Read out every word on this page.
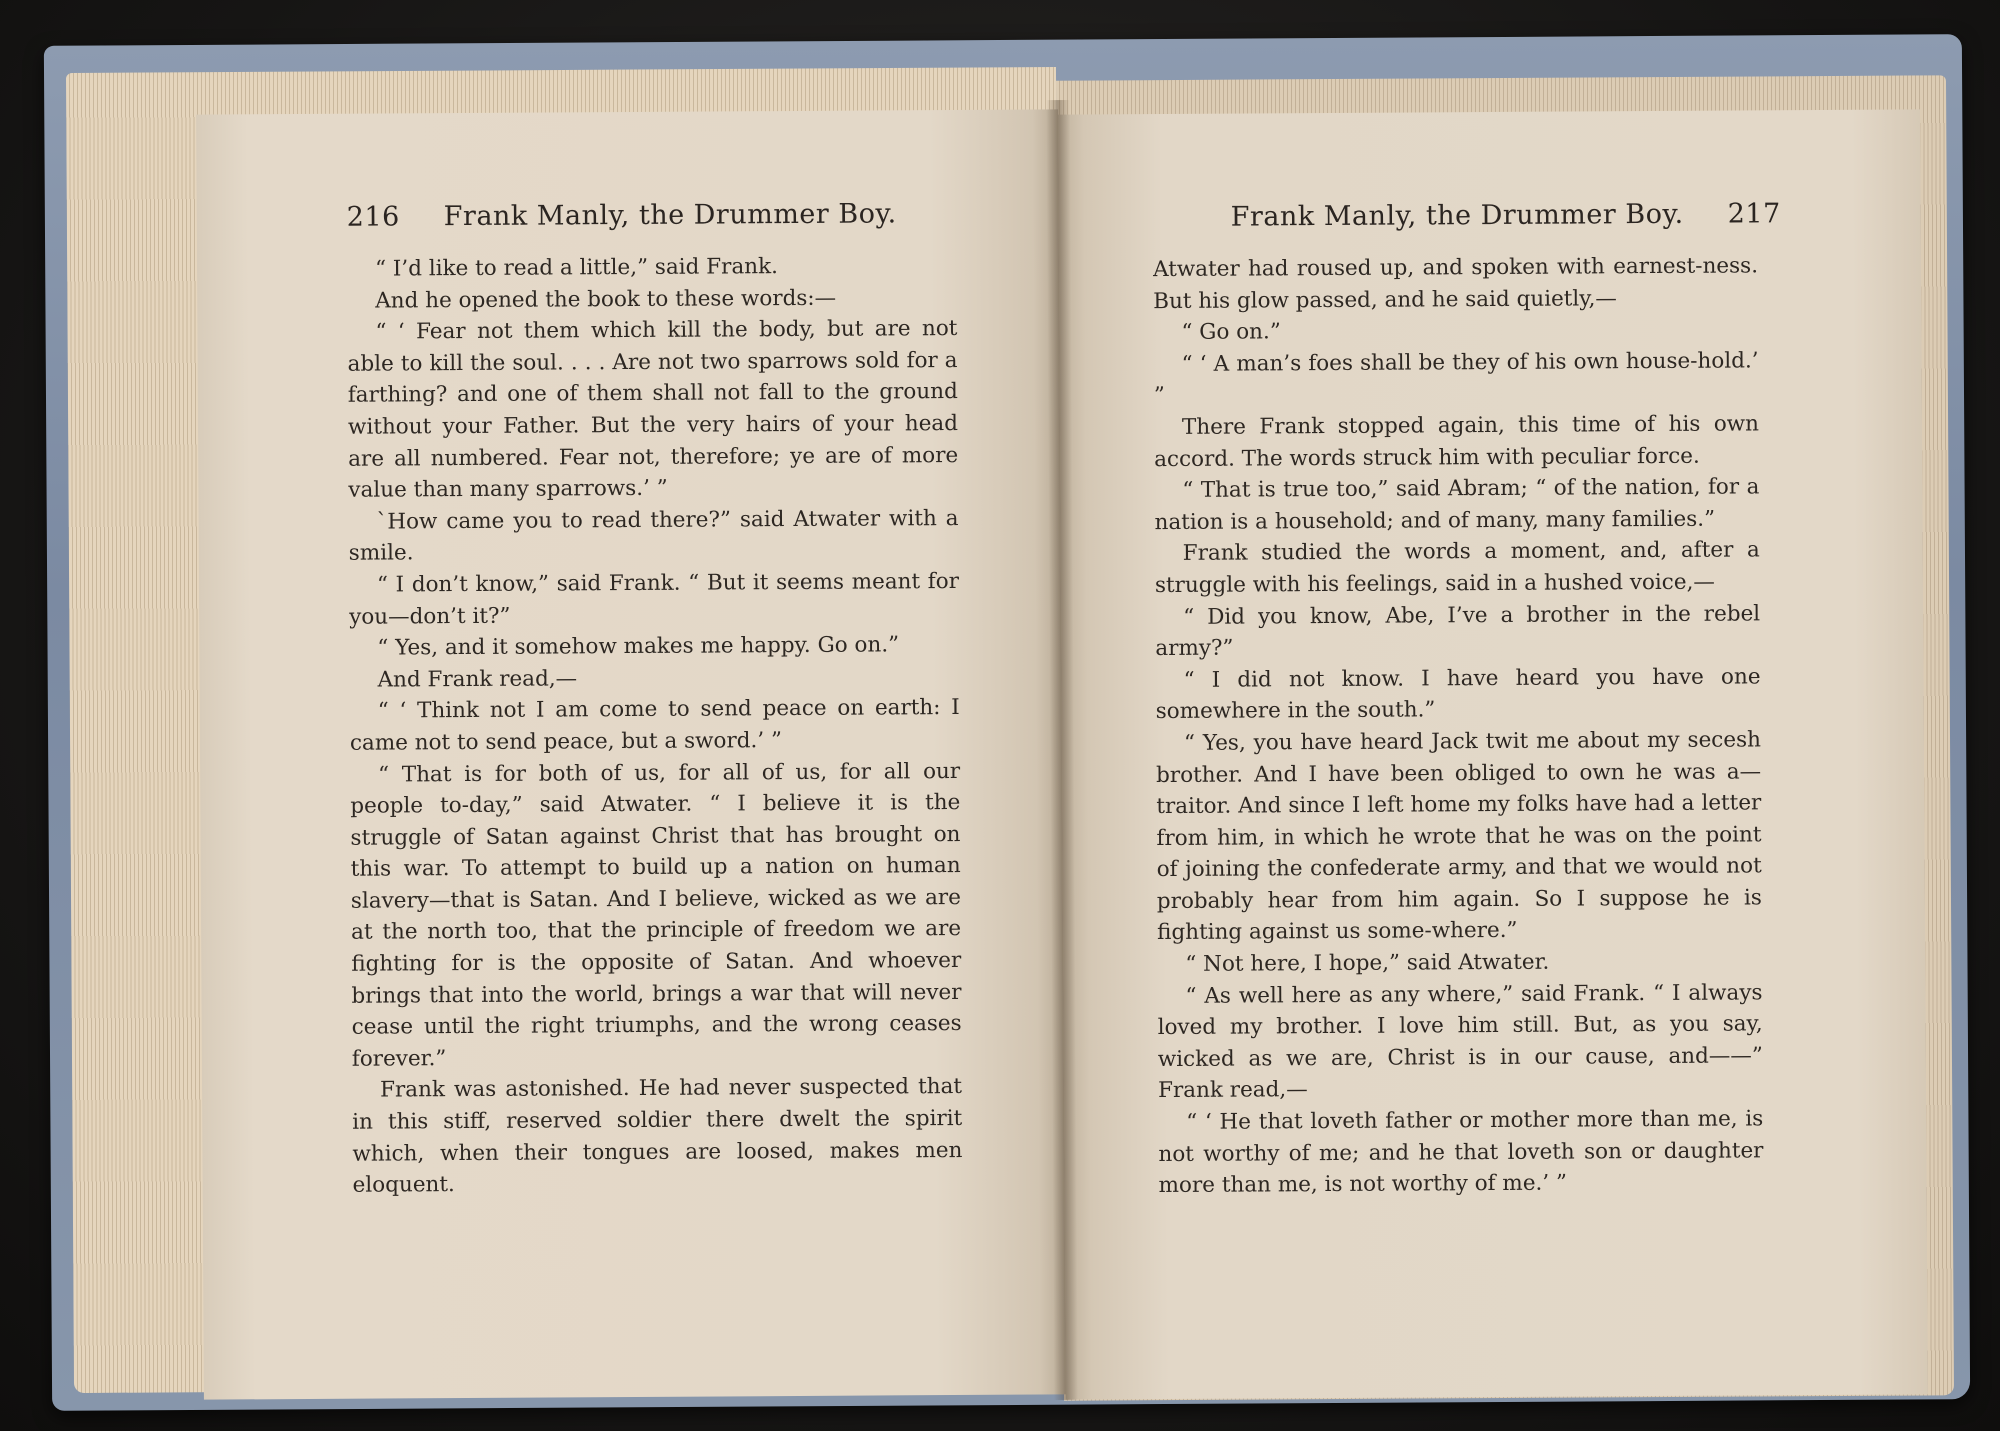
216 Frank Manly, the Drummer Boy.

“ I’d like to read a little,” said Frank.

And he opened the book to these words:—

“ ‘ Fear not them which kill the body, but are not able to kill the soul. . . . Are not two sparrows sold for a farthing? and one of them shall not fall to the ground without your Father. But the very hairs of your head are all numbered. Fear not, therefore; ye are of more value than many sparrows.’ ”

`How came you to read there?” said Atwater with a smile.

“ I don’t know,” said Frank. “ But it seems meant for you—don’t it?”

“ Yes, and it somehow makes me happy. Go on.”

And Frank read,—

“ ‘ Think not I am come to send peace on earth: I came not to send peace, but a sword.’ ”

“ That is for both of us, for all of us, for all our people to-day,” said Atwater. “ I believe it is the struggle of Satan against Christ that has brought on this war. To attempt to build up a nation on human slavery—that is Satan. And I believe, wicked as we are at the north too, that the principle of freedom we are fighting for is the opposite of Satan. And whoever brings that into the world, brings a war that will never cease until the right triumphs, and the wrong ceases forever.”

Frank was astonished. He had never suspected that in this stiff, reserved soldier there dwelt the spirit which, when their tongues are loosed, makes men eloquent.

Frank Manly, the Drummer Boy. 217

Atwater had roused up, and spoken with earnest-ness. But his glow passed, and he said quietly,—

“ Go on.”

“ ‘ A man’s foes shall be they of his own house-hold.’ ”

There Frank stopped again, this time of his own accord. The words struck him with peculiar force.

“ That is true too,” said Abram; “ of the nation, for a nation is a household; and of many, many families.”

Frank studied the words a moment, and, after a struggle with his feelings, said in a hushed voice,—

“ Did you know, Abe, I’ve a brother in the rebel army?”

“ I did not know. I have heard you have one somewhere in the south.”

“ Yes, you have heard Jack twit me about my secesh brother. And I have been obliged to own he was a—traitor. And since I left home my folks have had a letter from him, in which he wrote that he was on the point of joining the confederate army, and that we would not probably hear from him again. So I suppose he is fighting against us some-where.”

“ Not here, I hope,” said Atwater.

“ As well here as any where,” said Frank. “ I always loved my brother. I love him still. But, as you say, wicked as we are, Christ is in our cause, and——” Frank read,—

“ ‘ He that loveth father or mother more than me, is not worthy of me; and he that loveth son or daughter more than me, is not worthy of me.’ ”
